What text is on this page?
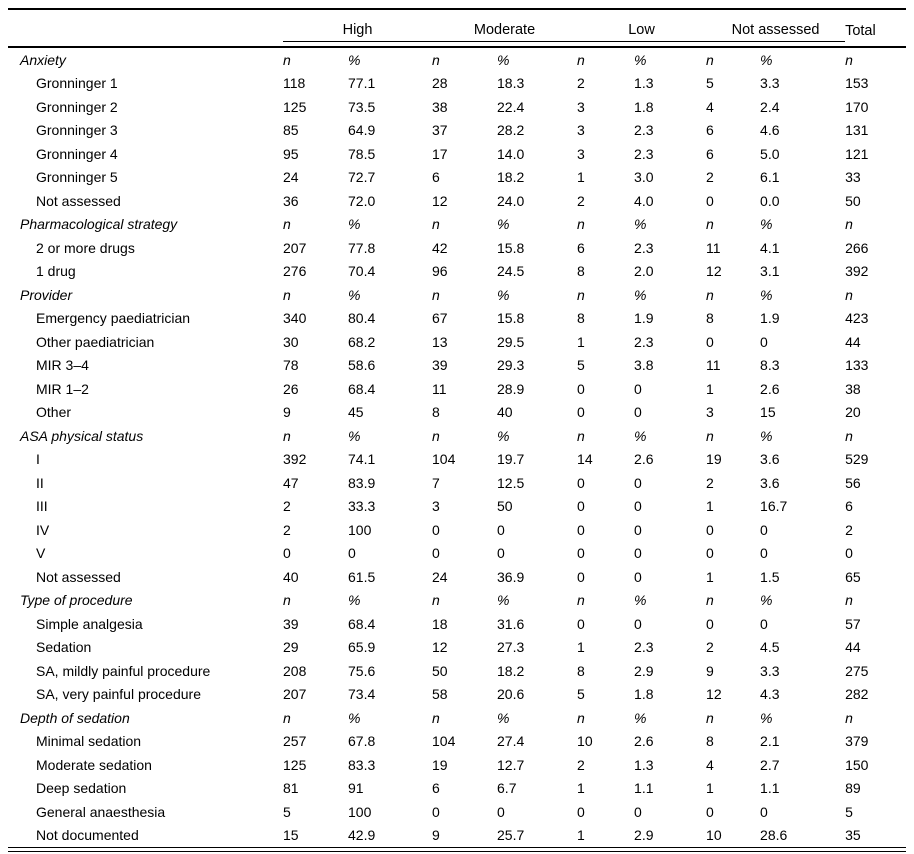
	High		Moderate		Low		Not assessed		Total

Anxiety	n	%	n	%	n	%	n	%	n
Gronninger 1	118	77.1	28	18.3	2	1.3	5	3.3	153
Gronninger 2	125	73.5	38	22.4	3	1.8	4	2.4	170
Gronninger 3	85	64.9	37	28.2	3	2.3	6	4.6	131
Gronninger 4	95	78.5	17	14.0	3	2.3	6	5.0	121
Gronninger 5	24	72.7	6	18.2	1	3.0	2	6.1	33
Not assessed	36	72.0	12	24.0	2	4.0	0	0.0	50
Pharmacological strategy	n	%	n	%	n	%	n	%	n
2 or more drugs	207	77.8	42	15.8	6	2.3	11	4.1	266
1 drug	276	70.4	96	24.5	8	2.0	12	3.1	392
Provider	n	%	n	%	n	%	n	%	n
Emergency paediatrician	340	80.4	67	15.8	8	1.9	8	1.9	423
Other paediatrician	30	68.2	13	29.5	1	2.3	0	0	44
MIR 3–4	78	58.6	39	29.3	5	3.8	11	8.3	133
MIR 1–2	26	68.4	11	28.9	0	0	1	2.6	38
Other	9	45	8	40	0	0	3	15	20
ASA physical status	n	%	n	%	n	%	n	%	n
I	392	74.1	104	19.7	14	2.6	19	3.6	529
II	47	83.9	7	12.5	0	0	2	3.6	56
III	2	33.3	3	50	0	0	1	16.7	6
IV	2	100	0	0	0	0	0	0	2
V	0	0	0	0	0	0	0	0	0
Not assessed	40	61.5	24	36.9	0	0	1	1.5	65
Type of procedure	n	%	n	%	n	%	n	%	n
Simple analgesia	39	68.4	18	31.6	0	0	0	0	57
Sedation	29	65.9	12	27.3	1	2.3	2	4.5	44
SA, mildly painful procedure	208	75.6	50	18.2	8	2.9	9	3.3	275
SA, very painful procedure	207	73.4	58	20.6	5	1.8	12	4.3	282
Depth of sedation	n	%	n	%	n	%	n	%	n
Minimal sedation	257	67.8	104	27.4	10	2.6	8	2.1	379
Moderate sedation	125	83.3	19	12.7	2	1.3	4	2.7	150
Deep sedation	81	91	6	6.7	1	1.1	1	1.1	89
General anaesthesia	5	100	0	0	0	0	0	0	5
Not documented	15	42.9	9	25.7	1	2.9	10	28.6	35
